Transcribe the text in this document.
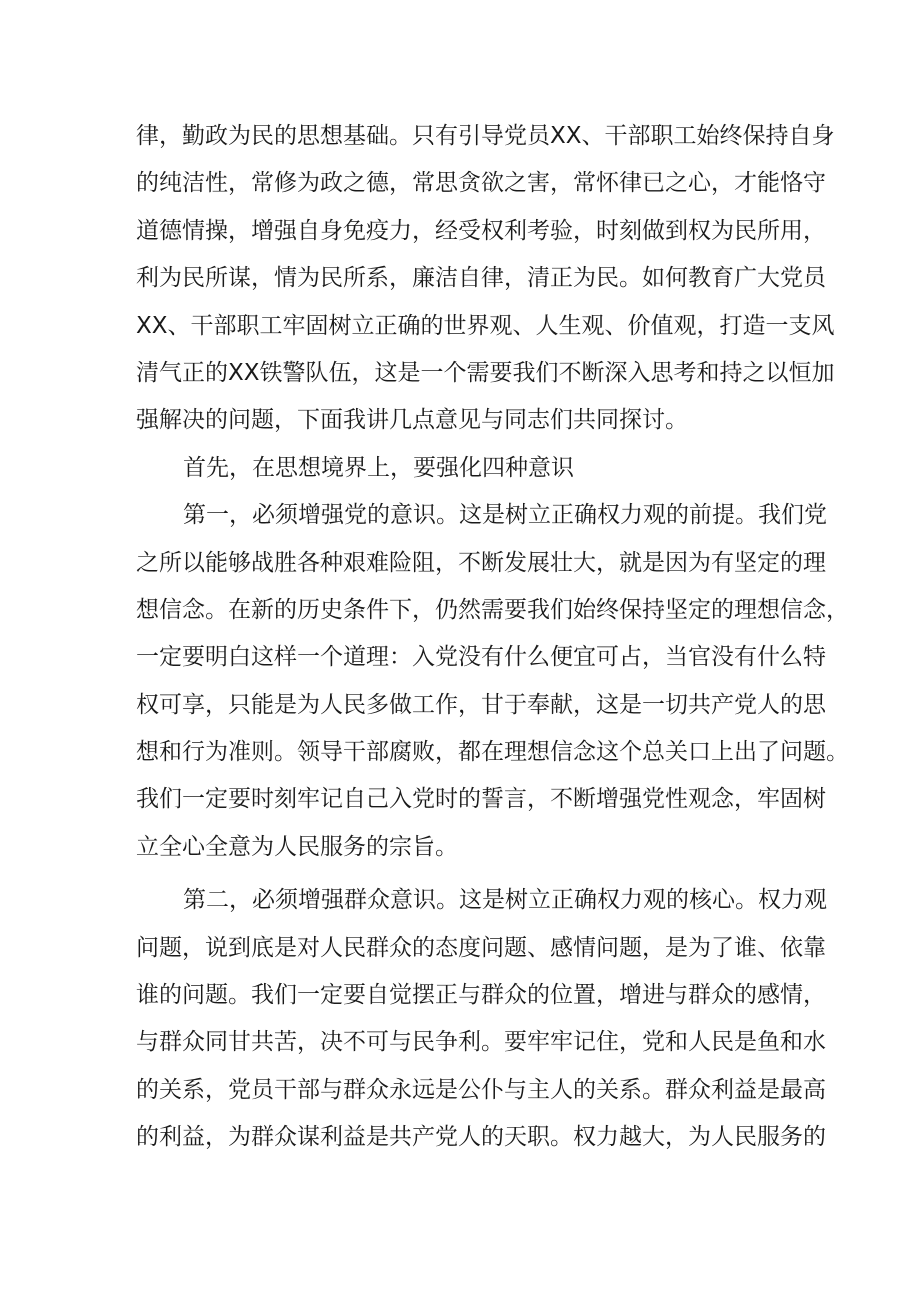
律，勤政为民的思想基础。只有引导党员XX、干部职工始终保持自身
的纯洁性，常修为政之德，常思贪欲之害，常怀律已之心，才能恪守
道德情操，增强自身免疫力，经受权利考验，时刻做到权为民所用，
利为民所谋，情为民所系，廉洁自律，清正为民。如何教育广大党员
XX、干部职工牢固树立正确的世界观、人生观、价值观，打造一支风
清气正的XX铁警队伍，这是一个需要我们不断深入思考和持之以恒加
强解决的问题，下面我讲几点意见与同志们共同探讨。
首先，在思想境界上，要强化四种意识
第一，必须增强党的意识。这是树立正确权力观的前提。我们党
之所以能够战胜各种艰难险阻，不断发展壮大，就是因为有坚定的理
想信念。在新的历史条件下，仍然需要我们始终保持坚定的理想信念，
一定要明白这样一个道理：入党没有什么便宜可占，当官没有什么特
权可享，只能是为人民多做工作，甘于奉献，这是一切共产党人的思
想和行为准则。领导干部腐败，都在理想信念这个总关口上出了问题。
我们一定要时刻牢记自己入党时的誓言，不断增强党性观念，牢固树
立全心全意为人民服务的宗旨。
第二，必须增强群众意识。这是树立正确权力观的核心。权力观
问题，说到底是对人民群众的态度问题、感情问题，是为了谁、依靠
谁的问题。我们一定要自觉摆正与群众的位置，增进与群众的感情，
与群众同甘共苦，决不可与民争利。要牢牢记住，党和人民是鱼和水
的关系，党员干部与群众永远是公仆与主人的关系。群众利益是最高
的利益，为群众谋利益是共产党人的天职。权力越大，为人民服务的
